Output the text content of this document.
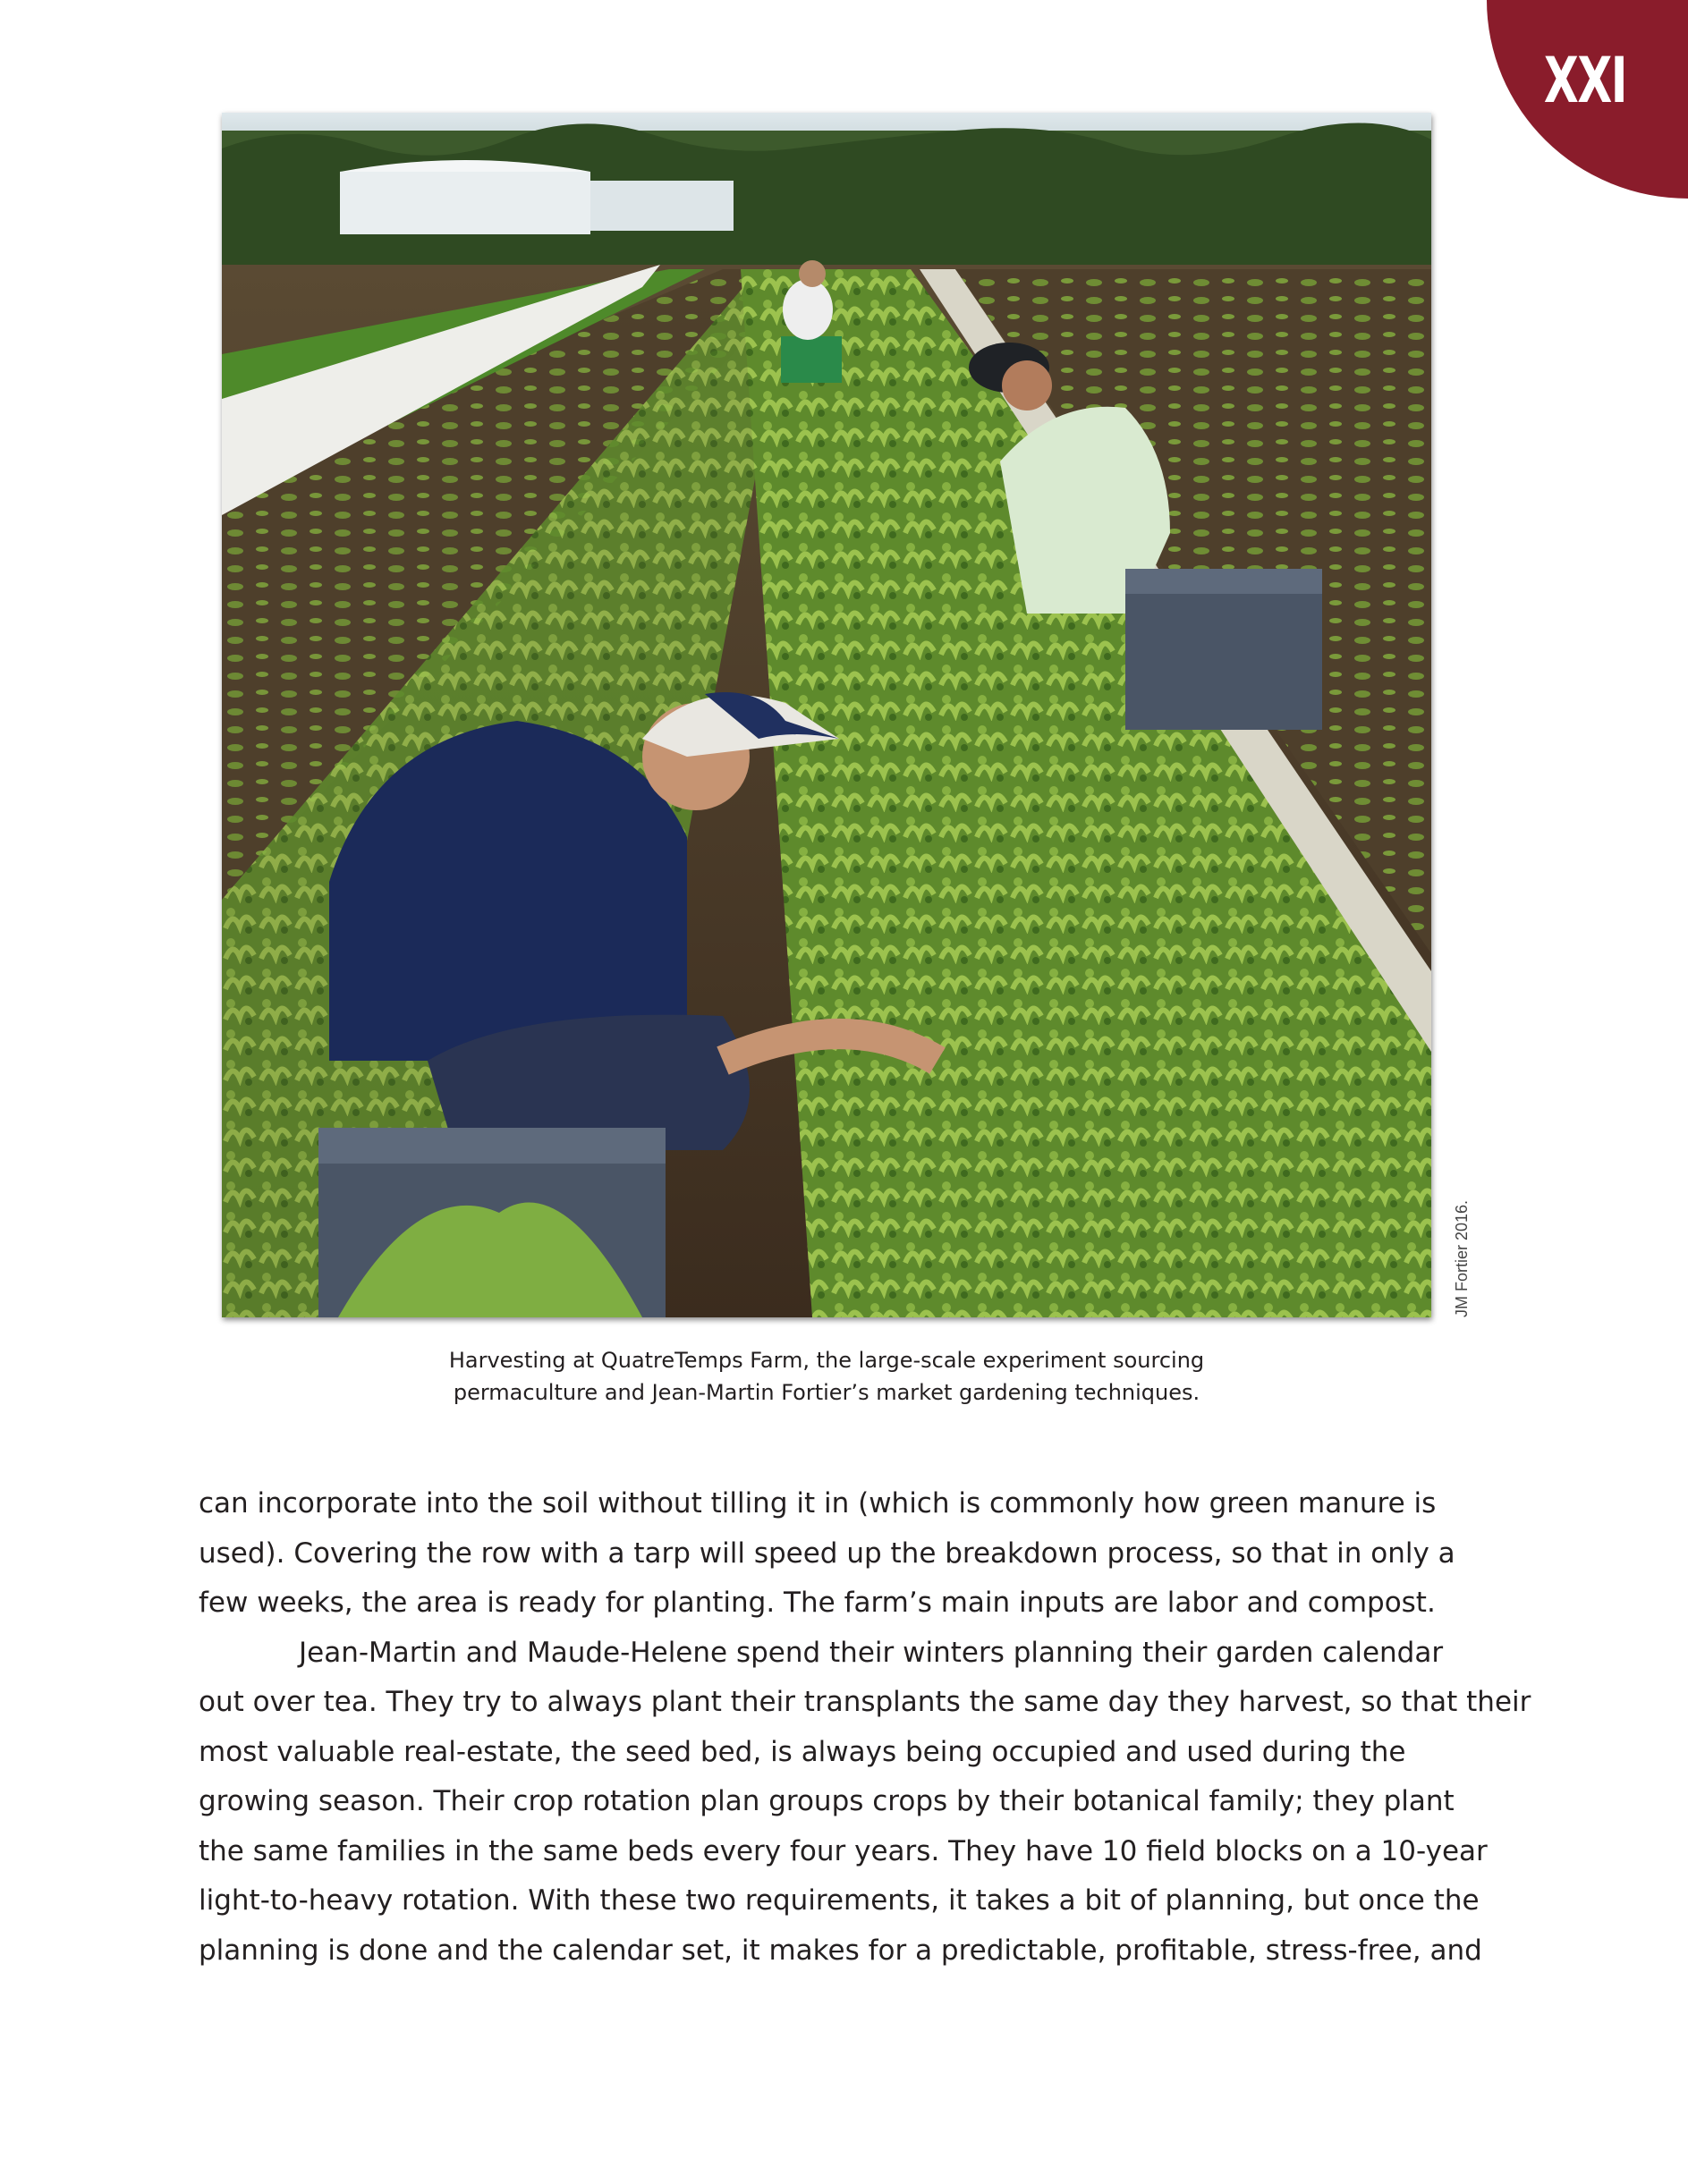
XXI
JM Fortier 2016.
Harvesting at QuatreTemps Farm, the large-scale experiment sourcing
permaculture and Jean-Martin Fortier’s market gardening techniques.
can incorporate into the soil without tilling it in (which is commonly how green manure is
used). Covering the row with a tarp will speed up the breakdown process, so that in only a
few weeks, the area is ready for planting. The farm’s main inputs are labor and compost.
Jean-Martin and Maude-Helene spend their winters planning their garden calendar
out over tea. They try to always plant their transplants the same day they harvest, so that their
most valuable real-estate, the seed bed, is always being occupied and used during the
growing season. Their crop rotation plan groups crops by their botanical family; they plant
the same families in the same beds every four years. They have 10 field blocks on a 10-year
light-to-heavy rotation. With these two requirements, it takes a bit of planning, but once the
planning is done and the calendar set, it makes for a predictable, profitable, stress-free, and
